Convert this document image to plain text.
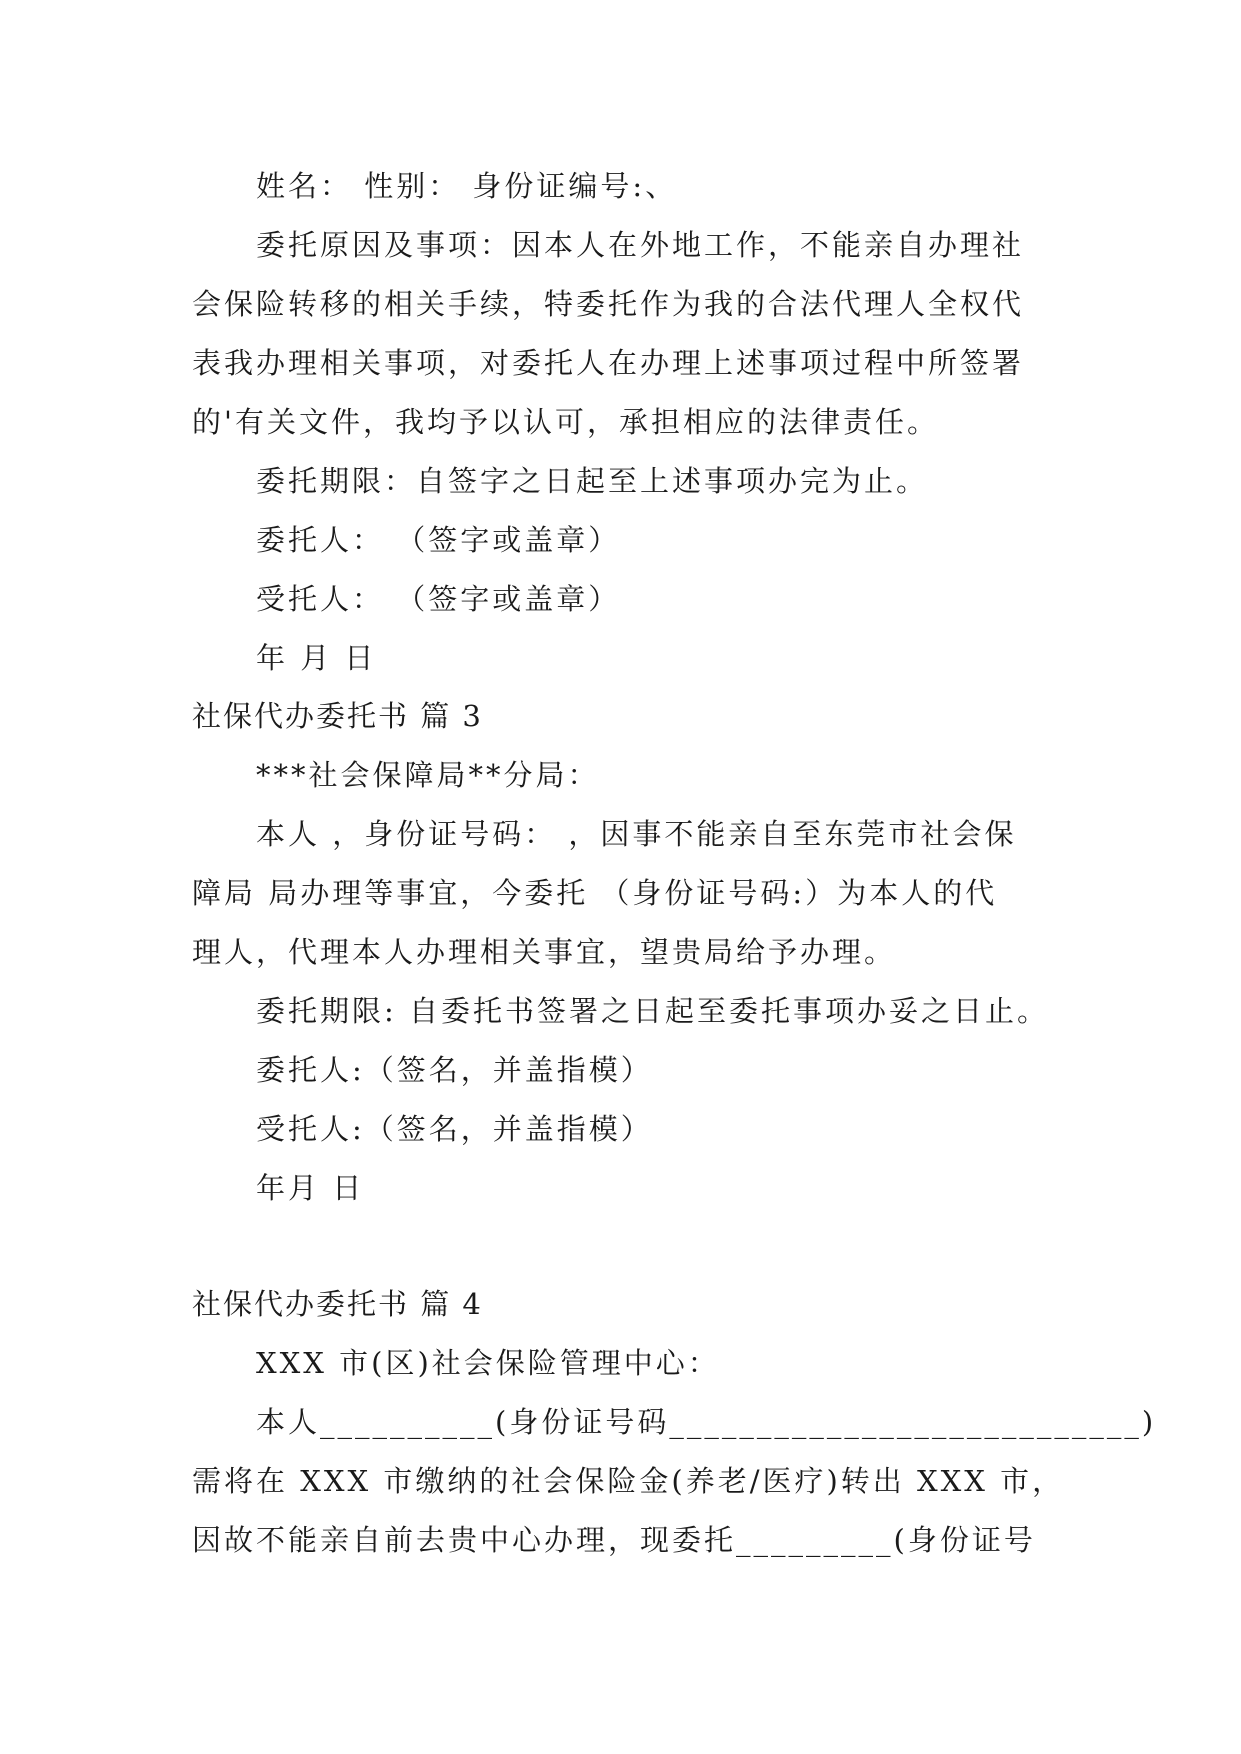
姓名： 性别： 身份证编号:、
委托原因及事项：因本人在外地工作，不能亲自办理社
会保险转移的相关手续，特委托作为我的合法代理人全权代
表我办理相关事项，对委托人在办理上述事项过程中所签署
的'有关文件，我均予以认可，承担相应的法律责任。
委托期限：自签字之日起至上述事项办完为止。
委托人： （签字或盖章）
受托人： （签字或盖章）
年 月 日
社保代办委托书 篇 3
***社会保障局**分局：
本人 ，身份证号码： ，因事不能亲自至东莞市社会保
障局 局办理等事宜，今委托 （身份证号码:）为本人的代
理人，代理本人办理相关事宜，望贵局给予办理。
委托期限: 自委托书签署之日起至委托事项办妥之日止。
委托人:（签名，并盖指模）
受托人:（签名，并盖指模）
年月 日
社保代办委托书 篇 4
XXX 市(区)社会保险管理中心：
本人__________(身份证号码___________________________)
需将在 XXX 市缴纳的社会保险金(养老/医疗)转出 XXX 市，
因故不能亲自前去贵中心办理，现委托_________(身份证号
